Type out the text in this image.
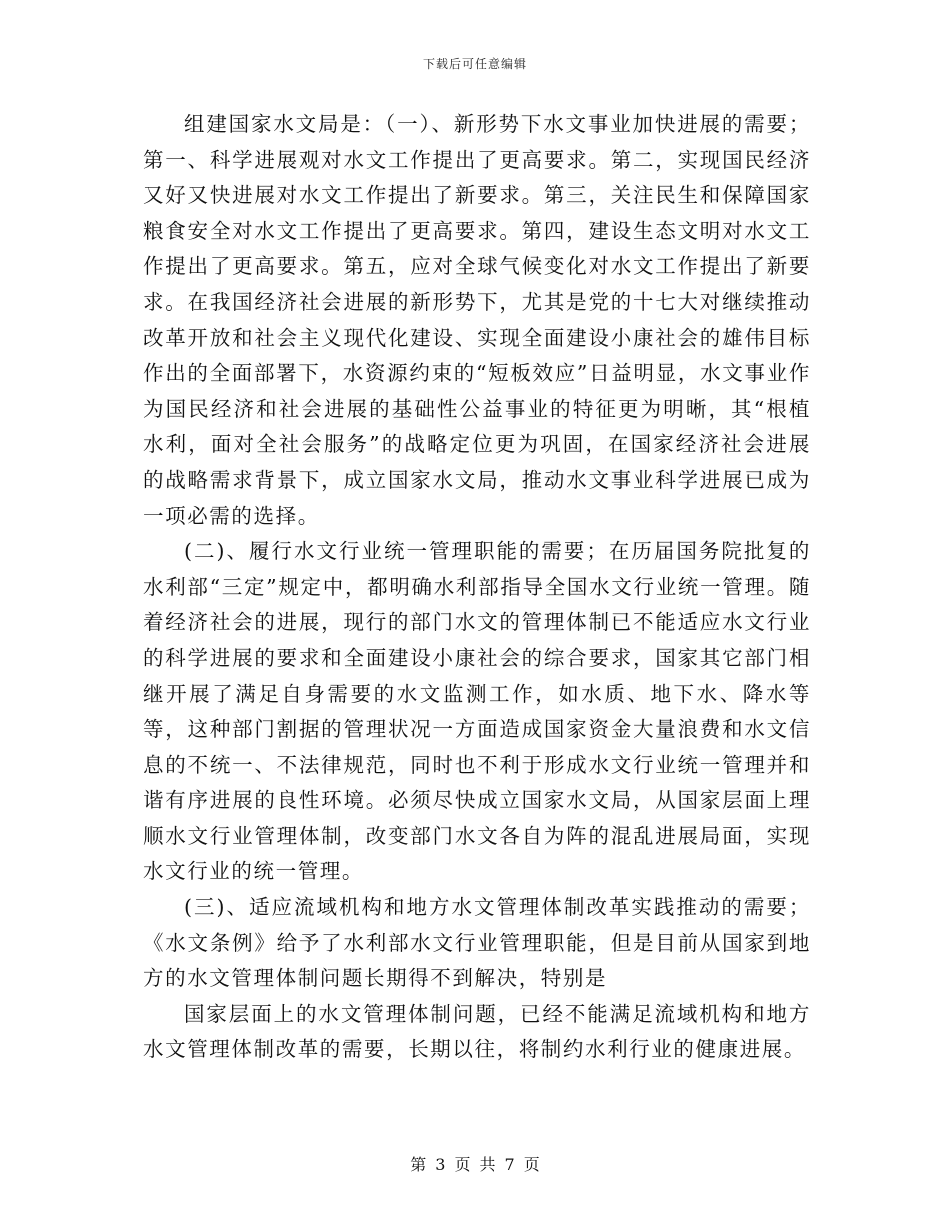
下载后可任意编辑

组建国家水文局是：（一）、新形势下水文事业加快进展的需要；第一、科学进展观对水文工作提出了更高要求。第二，实现国民经济又好又快进展对水文工作提出了新要求。第三，关注民生和保障国家粮食安全对水文工作提出了更高要求。第四，建设生态文明对水文工作提出了更高要求。第五，应对全球气候变化对水文工作提出了新要求。在我国经济社会进展的新形势下，尤其是党的十七大对继续推动改革开放和社会主义现代化建设、实现全面建设小康社会的雄伟目标作出的全面部署下，水资源约束的“短板效应”日益明显，水文事业作为国民经济和社会进展的基础性公益事业的特征更为明晰，其“根植水利，面对全社会服务”的战略定位更为巩固，在国家经济社会进展的战略需求背景下，成立国家水文局，推动水文事业科学进展已成为一项必需的选择。

(二)、履行水文行业统一管理职能的需要；在历届国务院批复的水利部“三定”规定中，都明确水利部指导全国水文行业统一管理。随着经济社会的进展，现行的部门水文的管理体制已不能适应水文行业的科学进展的要求和全面建设小康社会的综合要求，国家其它部门相继开展了满足自身需要的水文监测工作，如水质、地下水、降水等等，这种部门割据的管理状况一方面造成国家资金大量浪费和水文信息的不统一、不法律规范，同时也不利于形成水文行业统一管理并和谐有序进展的良性环境。必须尽快成立国家水文局，从国家层面上理顺水文行业管理体制，改变部门水文各自为阵的混乱进展局面，实现水文行业的统一管理。

(三)、适应流域机构和地方水文管理体制改革实践推动的需要；《水文条例》给予了水利部水文行业管理职能，但是目前从国家到地方的水文管理体制问题长期得不到解决，特别是

国家层面上的水文管理体制问题，已经不能满足流域机构和地方水文管理体制改革的需要，长期以往，将制约水利行业的健康进展。

第 3 页 共 7 页
